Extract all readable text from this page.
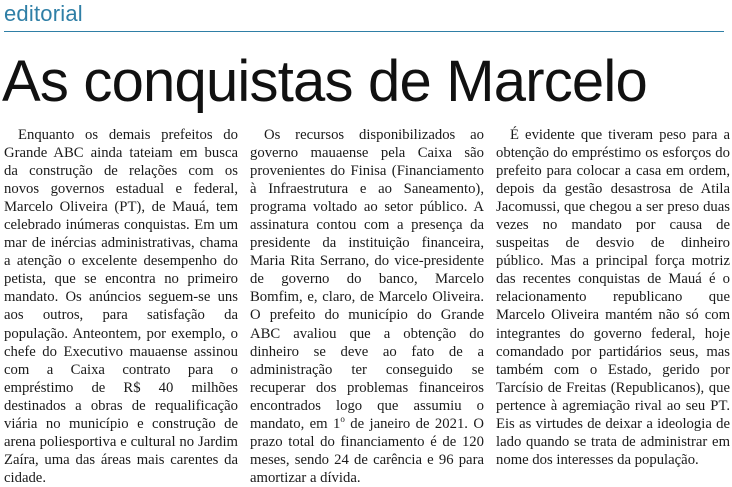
editorial
As conquistas de Marcelo

Enquanto os demais prefeitos do Grande ABC ainda tateiam em busca da construção de relações com os novos governos estadual e federal, Marcelo Oliveira (PT), de Mauá, tem celebrado inúmeras conquistas. Em um mar de inércias administrativas, chama a atenção o excelente desempenho do petista, que se encontra no primeiro mandato. Os anúncios seguem-se uns aos outros, para satisfação da população. Anteontem, por exemplo, o chefe do Executivo mauaense assinou com a Caixa contrato para o empréstimo de R$ 40 milhões destinados a obras de requalificação viária no município e construção de arena poliesportiva e cultural no Jardim Zaíra, uma das áreas mais carentes da cidade.

Os recursos disponibilizados ao governo mauaense pela Caixa são provenientes do Finisa (Financiamento à Infraestrutura e ao Saneamento), programa voltado ao setor público. A assinatura contou com a presença da presidente da instituição financeira, Maria Rita Serrano, do vice-presidente de governo do banco, Marcelo Bomfim, e, claro, de Marcelo Oliveira. O prefeito do município do Grande ABC avaliou que a obtenção do dinheiro se deve ao fato de a administração ter conseguido se recuperar dos problemas financeiros encontrados logo que assumiu o mandato, em 1$^o$ de janeiro de 2021. O prazo total do financiamento é de 120 meses, sendo 24 de carência e 96 para amortizar a dívida.

É evidente que tiveram peso para a obtenção do empréstimo os esforços do prefeito para colocar a casa em ordem, depois da gestão desastrosa de Atila Jacomussi, que chegou a ser preso duas vezes no mandato por causa de suspeitas de desvio de dinheiro público. Mas a principal força motriz das recentes conquistas de Mauá é o relacionamento republicano que Marcelo Oliveira mantém não só com integrantes do governo federal, hoje comandado por partidários seus, mas também com o Estado, gerido por Tarcísio de Freitas (Republicanos), que pertence à agremiação rival ao seu PT. Eis as virtudes de deixar a ideologia de lado quando se trata de administrar em nome dos interesses da população.
